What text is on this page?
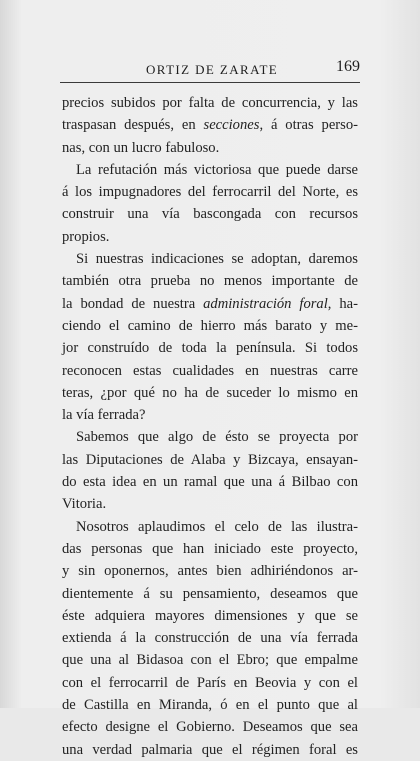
ORTIZ DE ZARATE	169
precios subidos por falta de concurrencia, y las
traspasan después, en secciones, á otras perso-
nas, con un lucro fabuloso.
La refutación más victoriosa que puede darse
á los impugnadores del ferrocarril del Norte, es
construir una vía bascongada con recursos
propios.
Si nuestras indicaciones se adoptan, daremos
también otra prueba no menos importante de
la bondad de nuestra administración foral, ha-
ciendo el camino de hierro más barato y me-
jor construído de toda la península. Si todos
reconocen estas cualidades en nuestras carre
teras, ¿por qué no ha de suceder lo mismo en
la vía ferrada?
Sabemos que algo de ésto se proyecta por
las Diputaciones de Alaba y Bizcaya, ensayan-
do esta idea en un ramal que una á Bilbao con
Vitoria.
Nosotros aplaudimos el celo de las ilustra-
das personas que han iniciado este proyecto,
y sin oponernos, antes bien adhiriéndonos ar-
dientemente á su pensamiento, deseamos que
éste adquiera mayores dimensiones y que se
extienda á la construcción de una vía ferrada
que una al Bidasoa con el Ebro; que empalme
con el ferrocarril de París en Beovia y con el
de Castilla en Miranda, ó en el punto que al
efecto designe el Gobierno. Deseamos que sea
una verdad palmaria que el régimen foral es
